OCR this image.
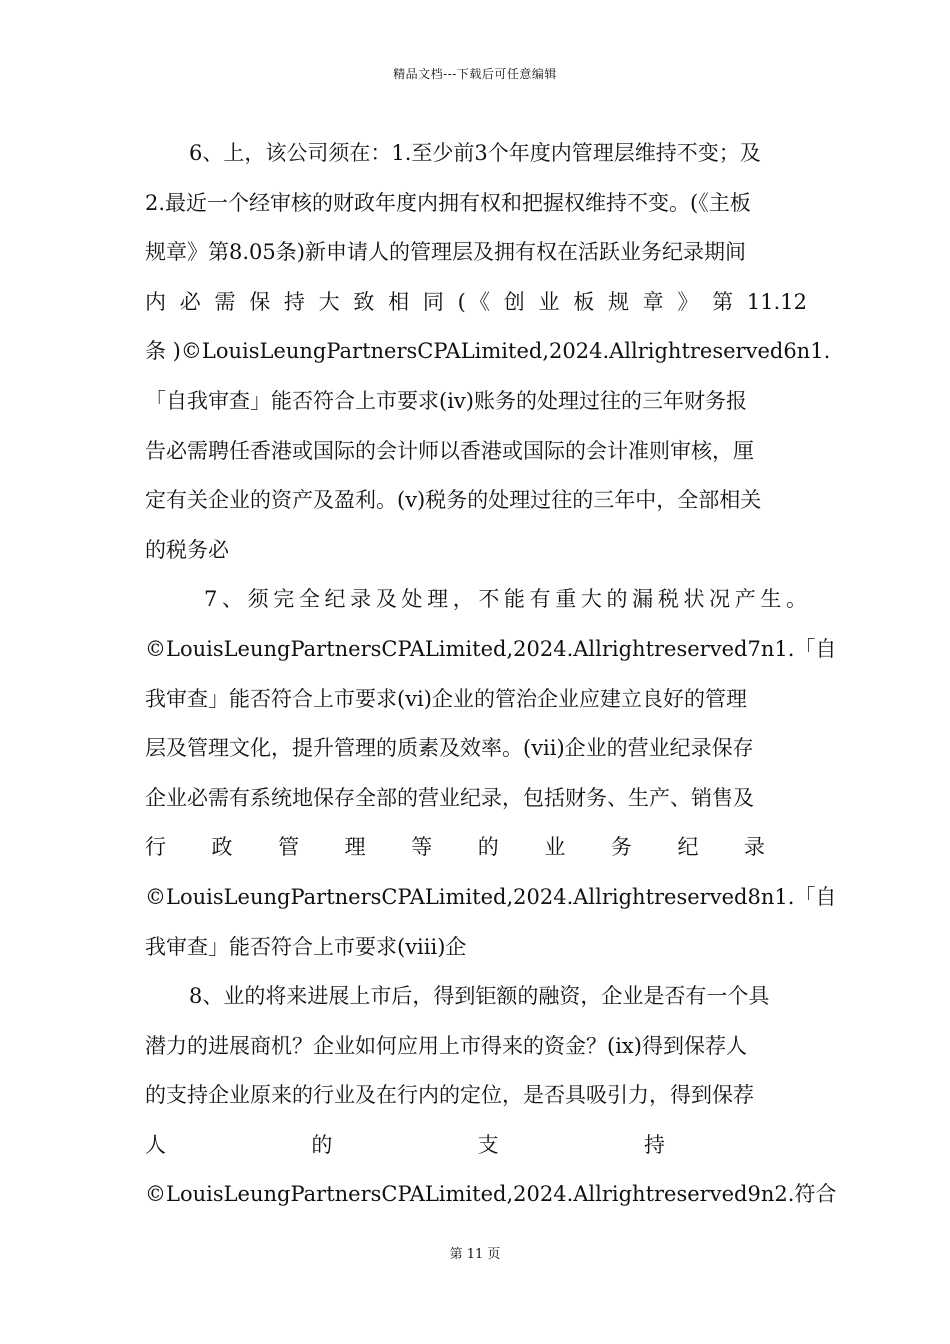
精品文档---下载后可任意编辑
6、上，该公司须在：1.至少前3个年度内管理层维持不变；及
2.最近一个经审核的财政年度内拥有权和把握权维持不变。(《主板
规章》第8.05条)新申请人的管理层及拥有权在活跃业务纪录期间
内必需保持大致相同(《创业板规章》第11.12
条 )©LouisLeungPartnersCPALimited,2024.Allrightreserved6n1.
「自我审查」能否符合上市要求(iv)账务的处理过往的三年财务报
告必需聘任香港或国际的会计师以香港或国际的会计准则审核，厘
定有关企业的资产及盈利。(v)税务的处理过往的三年中，全部相关
的税务必
7、须完全纪录及处理，不能有重大的漏税状况产生。
©LouisLeungPartnersCPALimited,2024.Allrightreserved7n1.「自
我审查」能否符合上市要求(vi)企业的管治企业应建立良好的管理
层及管理文化，提升管理的质素及效率。(vii)企业的营业纪录保存
企业必需有系统地保存全部的营业纪录，包括财务、生产、销售及
行政管理等的业务纪录
©LouisLeungPartnersCPALimited,2024.Allrightreserved8n1.「自
我审查」能否符合上市要求(viii)企
8、业的将来进展上市后，得到钜额的融资，企业是否有一个具
潜力的进展商机？企业如何应用上市得来的资金？(ix)得到保荐人
的支持企业原来的行业及在行内的定位，是否具吸引力，得到保荐
人的支持
©LouisLeungPartnersCPALimited,2024.Allrightreserved9n2.符合
第 11 页
